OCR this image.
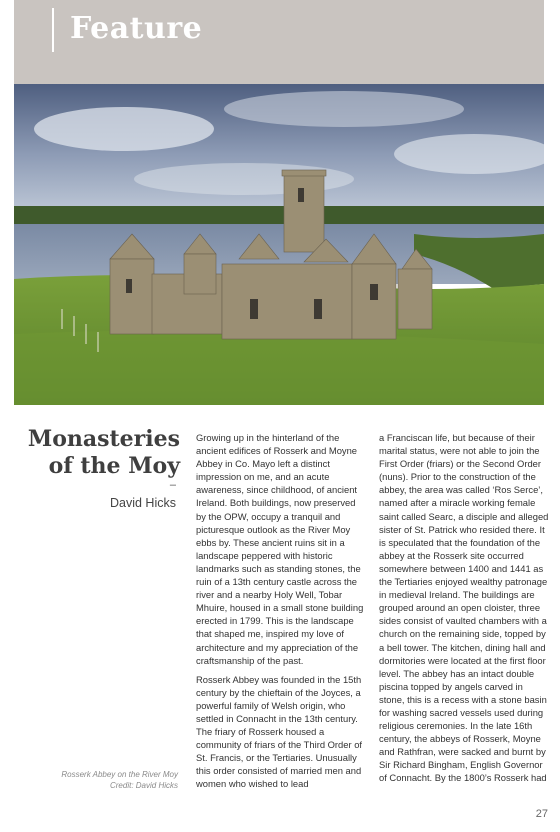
Feature
Monasteries
of the Moy
–
David Hicks
Rosserk Abbey on the River Moy
Credit: David Hicks

Growing up in the hinterland of the ancient edifices of Rosserk and Moyne Abbey in Co. Mayo left a distinct impression on me, and an acute awareness, since childhood, of ancient Ireland. Both buildings, now preserved by the OPW, occupy a tranquil and picturesque outlook as the River Moy ebbs by. These ancient ruins sit in a landscape peppered with historic landmarks such as standing stones, the ruin of a 13th century castle across the river and a nearby Holy Well, Tobar Mhuire, housed in a small stone building erected in 1799. This is the landscape that shaped me, inspired my love of architecture and my appreciation of the craftsmanship of the past.

Rosserk Abbey was founded in the 15th century by the chieftain of the Joyces, a powerful family of Welsh origin, who settled in Connacht in the 13th century. The friary of Rosserk housed a community of friars of the Third Order of St. Francis, or the Tertiaries. Unusually this order consisted of married men and women who wished to lead

a Franciscan life, but because of their marital status, were not able to join the First Order (friars) or the Second Order (nuns). Prior to the construction of the abbey, the area was called ‘Ros Serce’, named after a miracle working female saint called Searc, a disciple and alleged sister of St. Patrick who resided there. It is speculated that the foundation of the abbey at the Rosserk site occurred somewhere between 1400 and 1441 as the Tertiaries enjoyed wealthy patronage in medieval Ireland. The buildings are grouped around an open cloister, three sides consist of vaulted chambers with a church on the remaining side, topped by a bell tower. The kitchen, dining hall and dormitories were located at the first floor level. The abbey has an intact double piscina topped by angels carved in stone, this is a recess with a stone basin for washing sacred vessels used during religious ceremonies. In the late 16th century, the abbeys of Rosserk, Moyne and Rathfran, were sacked and burnt by Sir Richard Bingham, English Governor of Connacht. By the 1800’s Rosserk had

27
